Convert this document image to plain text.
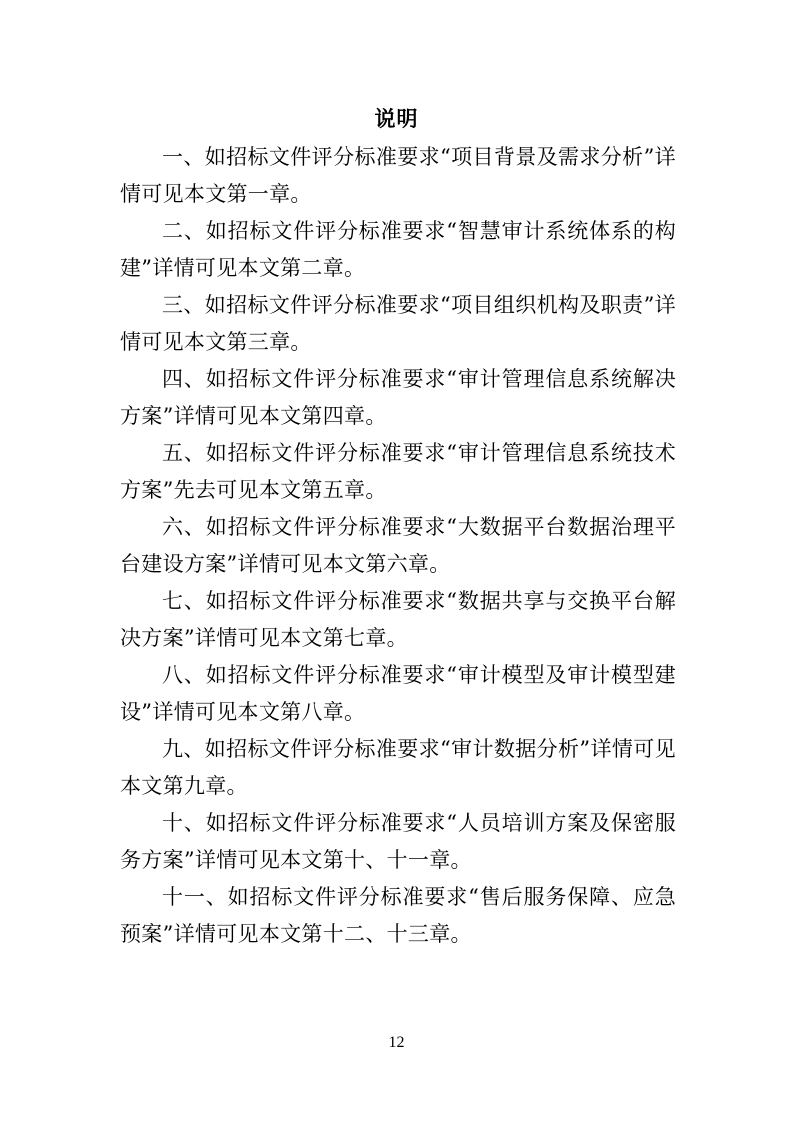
说明

一、如招标文件评分标准要求“项目背景及需求分析”详情可见本文第一章。

二、如招标文件评分标准要求“智慧审计系统体系的构建”详情可见本文第二章。

三、如招标文件评分标准要求“项目组织机构及职责”详情可见本文第三章。

四、如招标文件评分标准要求“审计管理信息系统解决方案”详情可见本文第四章。

五、如招标文件评分标准要求“审计管理信息系统技术方案”先去可见本文第五章。

六、如招标文件评分标准要求“大数据平台数据治理平台建设方案”详情可见本文第六章。

七、如招标文件评分标准要求“数据共享与交换平台解决方案”详情可见本文第七章。

八、如招标文件评分标准要求“审计模型及审计模型建设”详情可见本文第八章。

九、如招标文件评分标准要求“审计数据分析”详情可见本文第九章。

十、如招标文件评分标准要求“人员培训方案及保密服务方案”详情可见本文第十、十一章。

十一、如招标文件评分标准要求“售后服务保障、应急预案”详情可见本文第十二、十三章。

12
